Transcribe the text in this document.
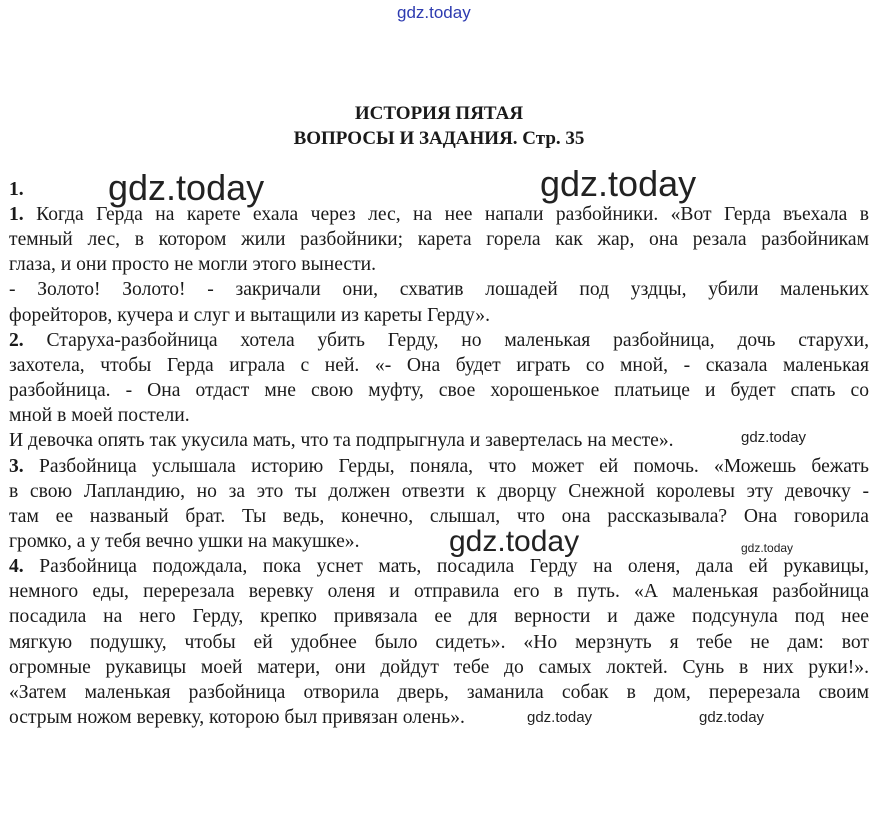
gdz.today
gdz.today	gdz.today
gdz.today
gdz.today
gdz.today
gdz.today	gdz.today
ИСТОРИЯ ПЯТАЯ
ВОПРОСЫ И ЗАДАНИЯ. Стр. 35
1.
1. Когда Герда на карете ехала через лес, на нее напали разбойники. «Вот Герда въехала в
темный лес, в котором жили разбойники; карета горела как жар, она резала разбойникам
глаза, и они просто не могли этого вынести.
- Золото! Золото! - закричали они, схватив лошадей под уздцы, убили маленьких
форейторов, кучера и слуг и вытащили из кареты Герду».
2. Старуха-разбойница хотела убить Герду, но маленькая разбойница, дочь старухи,
захотела, чтобы Герда играла с ней. «- Она будет играть со мной, - сказала маленькая
разбойница. - Она отдаст мне свою муфту, свое хорошенькое платьице и будет спать со
мной в моей постели.
И девочка опять так укусила мать, что та подпрыгнула и завертелась на месте».
3. Разбойница услышала историю Герды, поняла, что может ей помочь. «Можешь бежать
в свою Лапландию, но за это ты должен отвезти к дворцу Снежной королевы эту девочку -
там ее названый брат. Ты ведь, конечно, слышал, что она рассказывала? Она говорила
громко, а у тебя вечно ушки на макушке».
4. Разбойница подождала, пока уснет мать, посадила Герду на оленя, дала ей рукавицы,
немного еды, перерезала веревку оленя и отправила его в путь. «А маленькая разбойница
посадила на него Герду, крепко привязала ее для верности и даже подсунула под нее
мягкую подушку, чтобы ей удобнее было сидеть». «Но мерзнуть я тебе не дам: вот
огромные рукавицы моей матери, они дойдут тебе до самых локтей. Сунь в них руки!».
«Затем маленькая разбойница отворила дверь, заманила собак в дом, перерезала своим
острым ножом веревку, которою был привязан олень».
